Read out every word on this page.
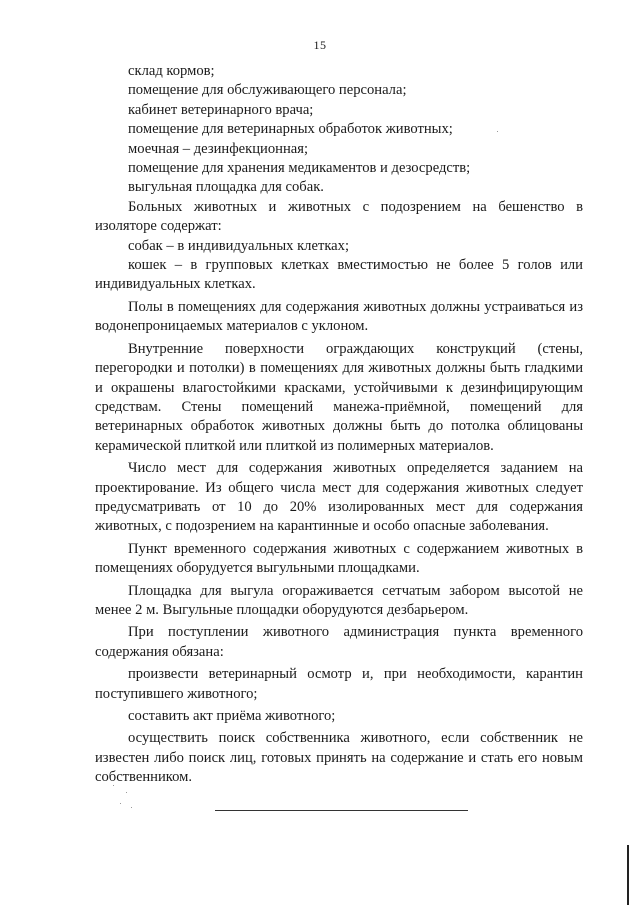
15
склад кормов;
помещение для обслуживающего персонала;
кабинет ветеринарного врача;
помещение для ветеринарных обработок животных;
моечная – дезинфекционная;
помещение для хранения медикаментов и дезосредств;
выгульная площадка для собак.

Больных животных и животных с подозрением на бешенство в изоляторе содержат:

собак – в индивидуальных клетках;

кошек – в групповых клетках вместимостью не более 5 голов или индивидуальных клетках.

Полы в помещениях для содержания животных должны устраиваться из водонепроницаемых материалов с уклоном.

Внутренние поверхности ограждающих конструкций (стены, перегородки и потолки) в помещениях для животных должны быть гладкими и окрашены влагостойкими красками, устойчивыми к дезинфицирующим средствам. Стены помещений манежа-приёмной, помещений для ветеринарных обработок животных должны быть до потолка облицованы керамической плиткой или плиткой из полимерных материалов.

Число мест для содержания животных определяется заданием на проектирование. Из общего числа мест для содержания животных следует предусматривать от 10 до 20% изолированных мест для содержания животных, с подозрением на карантинные и особо опасные заболевания.

Пункт временного содержания животных с содержанием животных в помещениях оборудуется выгульными площадками.

Площадка для выгула огораживается сетчатым забором высотой не менее 2 м. Выгульные площадки оборудуются дезбарьером.

При поступлении животного администрация пункта временного содержания обязана:

произвести ветеринарный осмотр и, при необходимости, карантин поступившего животного;

составить акт приёма животного;

осуществить поиск собственника животного, если собственник не известен либо поиск лиц, готовых принять на содержание и стать его новым собственником.
